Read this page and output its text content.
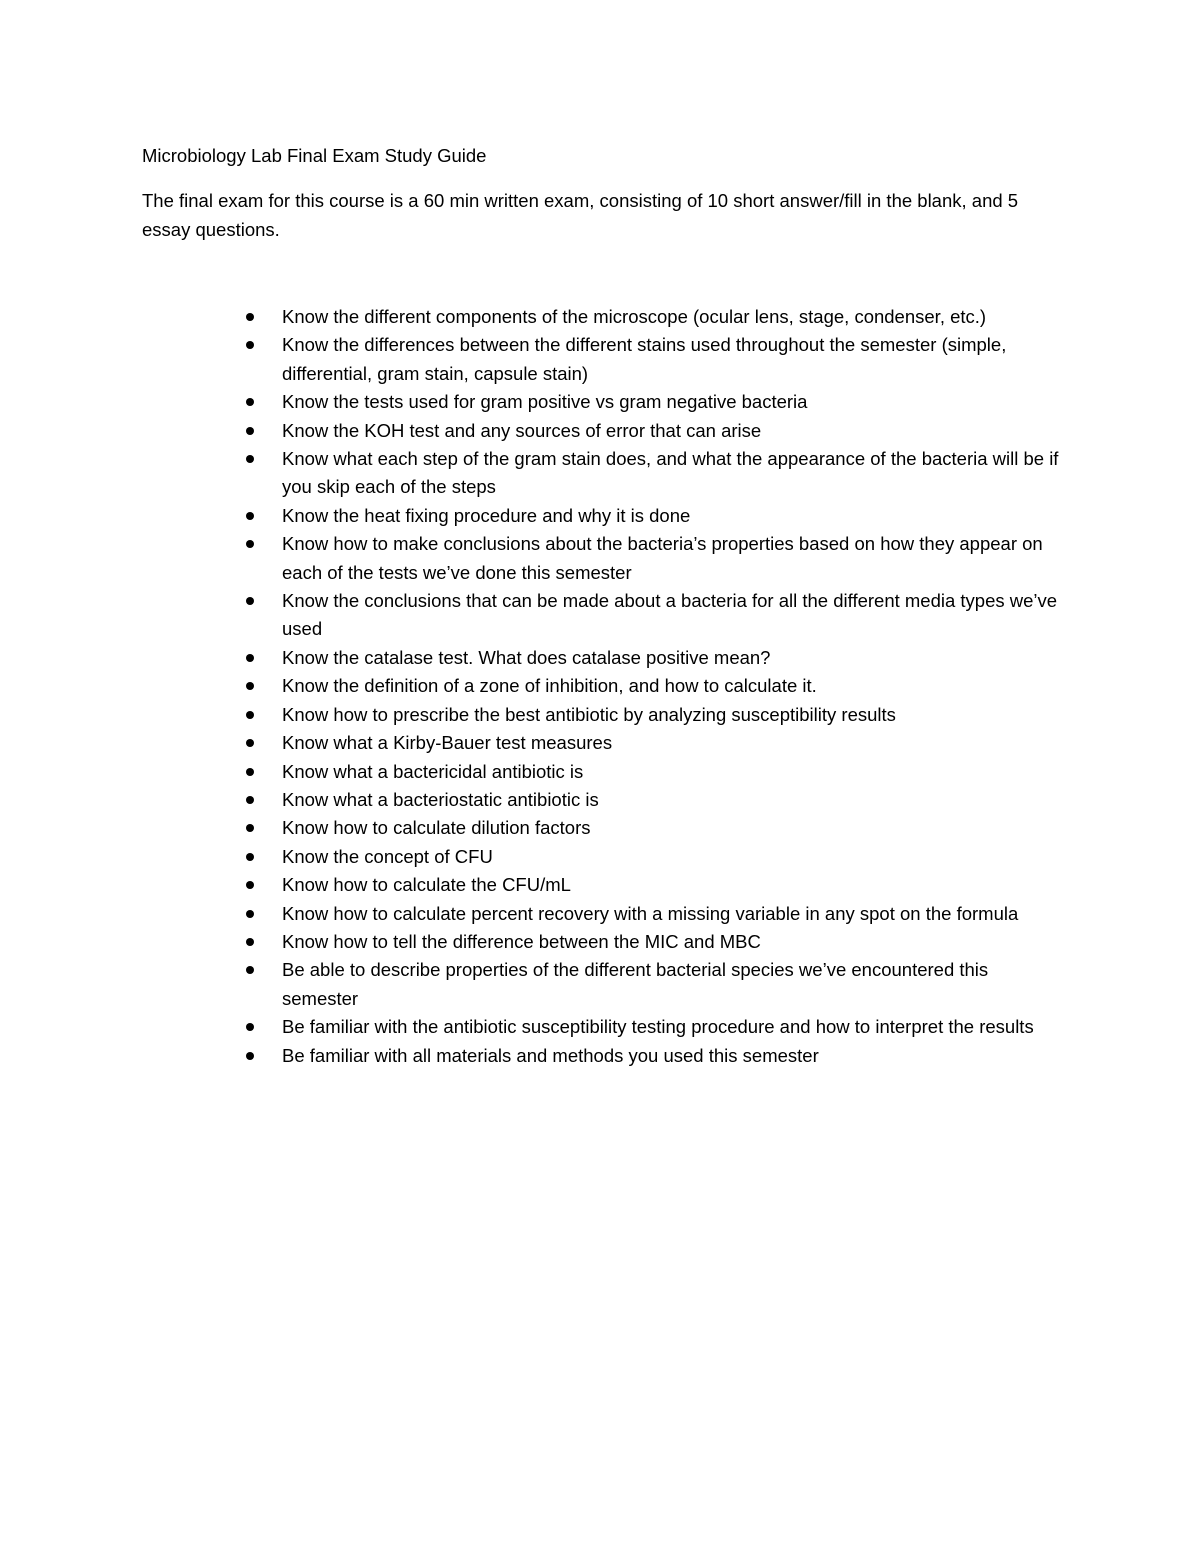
Microbiology Lab Final Exam Study Guide

The final exam for this course is a 60 min written exam, consisting of 10 short answer/fill in the blank, and 5 essay questions.

Know the different components of the microscope (ocular lens, stage, condenser, etc.)
Know the differences between the different stains used throughout the semester (simple, differential, gram stain, capsule stain)
Know the tests used for gram positive vs gram negative bacteria
Know the KOH test and any sources of error that can arise
Know what each step of the gram stain does, and what the appearance of the bacteria will be if you skip each of the steps
Know the heat fixing procedure and why it is done
Know how to make conclusions about the bacteria’s properties based on how they appear on each of the tests we’ve done this semester
Know the conclusions that can be made about a bacteria for all the different media types we’ve used
Know the catalase test. What does catalase positive mean?
Know the definition of a zone of inhibition, and how to calculate it.
Know how to prescribe the best antibiotic by analyzing susceptibility results
Know what a Kirby-Bauer test measures
Know what a bactericidal antibiotic is
Know what a bacteriostatic antibiotic is
Know how to calculate dilution factors
Know the concept of CFU
Know how to calculate the CFU/mL
Know how to calculate percent recovery with a missing variable in any spot on the formula
Know how to tell the difference between the MIC and MBC
Be able to describe properties of the different bacterial species we’ve encountered this semester
Be familiar with the antibiotic susceptibility testing procedure and how to interpret the results
Be familiar with all materials and methods you used this semester
